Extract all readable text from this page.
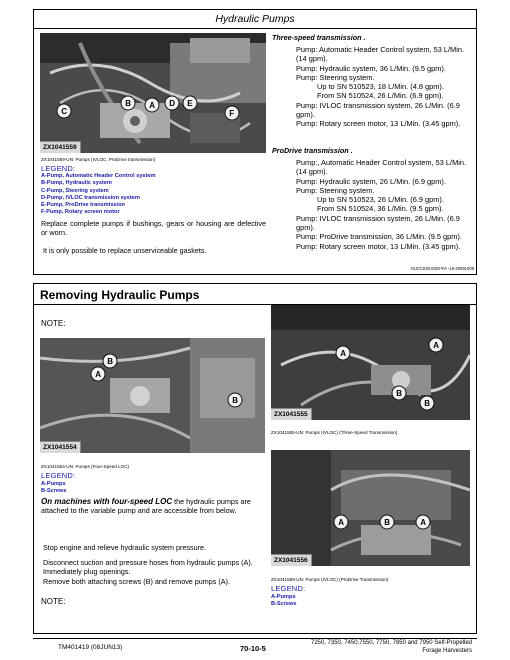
Hydraulic Pumps
C
B A D E
F
ZX1041559
ZX1041559-UN: Pumps (IVLOC, ProDrive transmission)
LEGEND:
A-Pump, Automatic Header Control system
B-Pump, Hydraulic system
C-Pump, Steering system
D-Pump, IVLOC transmission system
E-Pump, ProDrive transmission
F-Pump, Rotary screen motor
Replace complete pumps if bushings, gears or housing are defective or worn.
It is only possible to replace unserviceable gaskets.
Three-speed transmission .
Pump: Automatic Header Control system, 53 L/Min. (14 gpm).
Pump: Hydraulic system, 36 L/Min. (9.5 gpm).
Pump: Steering system.
Up to SN 510523, 18 L/Min. (4.8 gpm).
From SN 510524, 26 L/Min. (6.9 gpm).
Pump: IVLOC transmission system, 26 L/Min. (6.9 gpm).
Pump: Rotary screen motor, 13 L/Min. (3.45 gpm).
ProDrive transmission .
Pump:, Automatic Header Control system, 53 L/Min. (14 gpm).
Pump: Hydraulic system, 26 L/Min. (6.9 gpm).
Pump: Steering system.
Up to SN 510523, 26 L/Min. (6.9 gpm).
From SN 510524, 36 L/Min. (9.5 gpm).
Pump: IVLOC transmission system, 26 L/Min. (6.9 gpm).
Pump: ProDrive transmission, 36 L/Min. (9.5 gpm).
Pump: Rotary screen motor, 13 L/Min. (3.45 gpm).
OUCC020,0002¹FA -19-20091008
Removing Hydraulic Pumps
NOTE:
A
B
B
ZX1041554
ZX1041554-UN: Pumps (Four-Speed LOC)
LEGEND:
A-Pumps
B-Screws
On machines with four-speed LOC the hydraulic pumps are attached to the variable pump and are accessible from below.
Stop engine and relieve hydraulic system pressure.
Disconnect suction and pressure hoses from hydraulic pumps (A). Immediately plug openings.
Remove both attaching screws (B) and remove pumps (A).
NOTE:
A
A
B
B
ZX1041555
ZX1041555-UN: Pumps (IVLOC) (Three-Speed Transmission)
A	B	A
ZX1041556
ZX1041556-UN: Pumps (IVLOC) (ProDrive Transmission)
LEGEND:
A-Pumps
B-Screws
TM401419 (08JUN13)	70-10-5
7250, 7350, 7450,7550, 7750, 7850 and 7950 Self-Propelled
Forage Harvesters
